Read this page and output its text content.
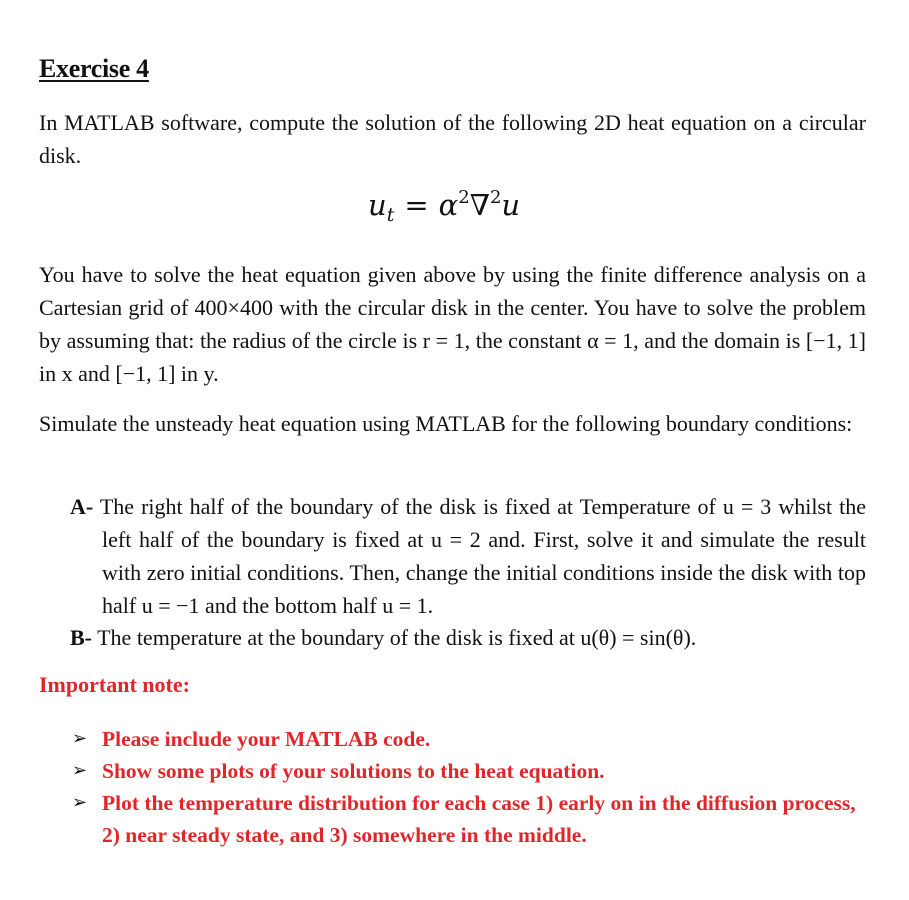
Exercise 4
In MATLAB software, compute the solution of the following 2D heat equation on a circular disk.
$u_t = \alpha^2\nabla^2u$
You have to solve the heat equation given above by using the finite difference analysis on a Cartesian grid of 400×400 with the circular disk in the center. You have to solve the problem by assuming that: the radius of the circle is r = 1, the constant α = 1, and the domain is [−1, 1] in x and [−1, 1] in y.
Simulate the unsteady heat equation using MATLAB for the following boundary conditions:
A- The right half of the boundary of the disk is fixed at Temperature of u = 3 whilst the left half of the boundary is fixed at u = 2 and. First, solve it and simulate the result with zero initial conditions. Then, change the initial conditions inside the disk with top half u = −1 and the bottom half u = 1.
B- The temperature at the boundary of the disk is fixed at u(θ) = sin(θ).
Important note:
➢ Please include your MATLAB code.
➢ Show some plots of your solutions to the heat equation.
➢ Plot the temperature distribution for each case 1) early on in the diffusion process, 2) near steady state, and 3) somewhere in the middle.
